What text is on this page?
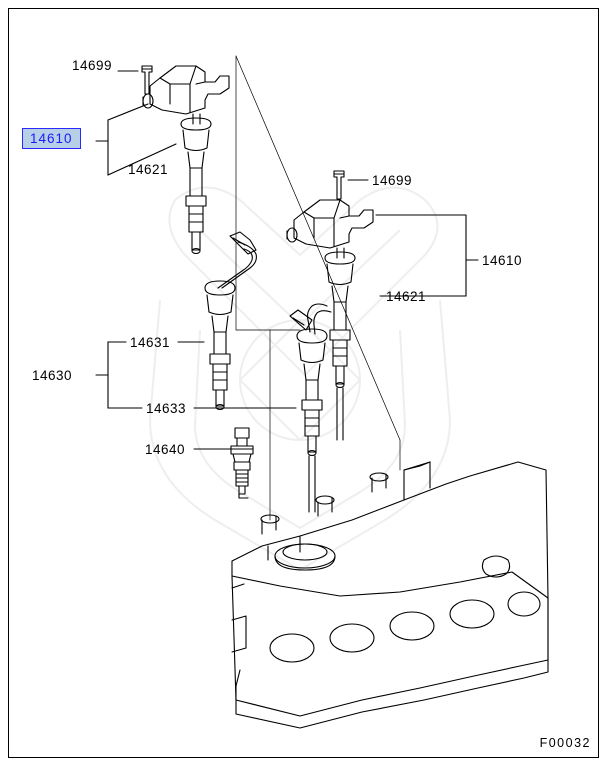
14699
14610
14621
14699
14610
14621
14631
14630
14633
14640
F00032
